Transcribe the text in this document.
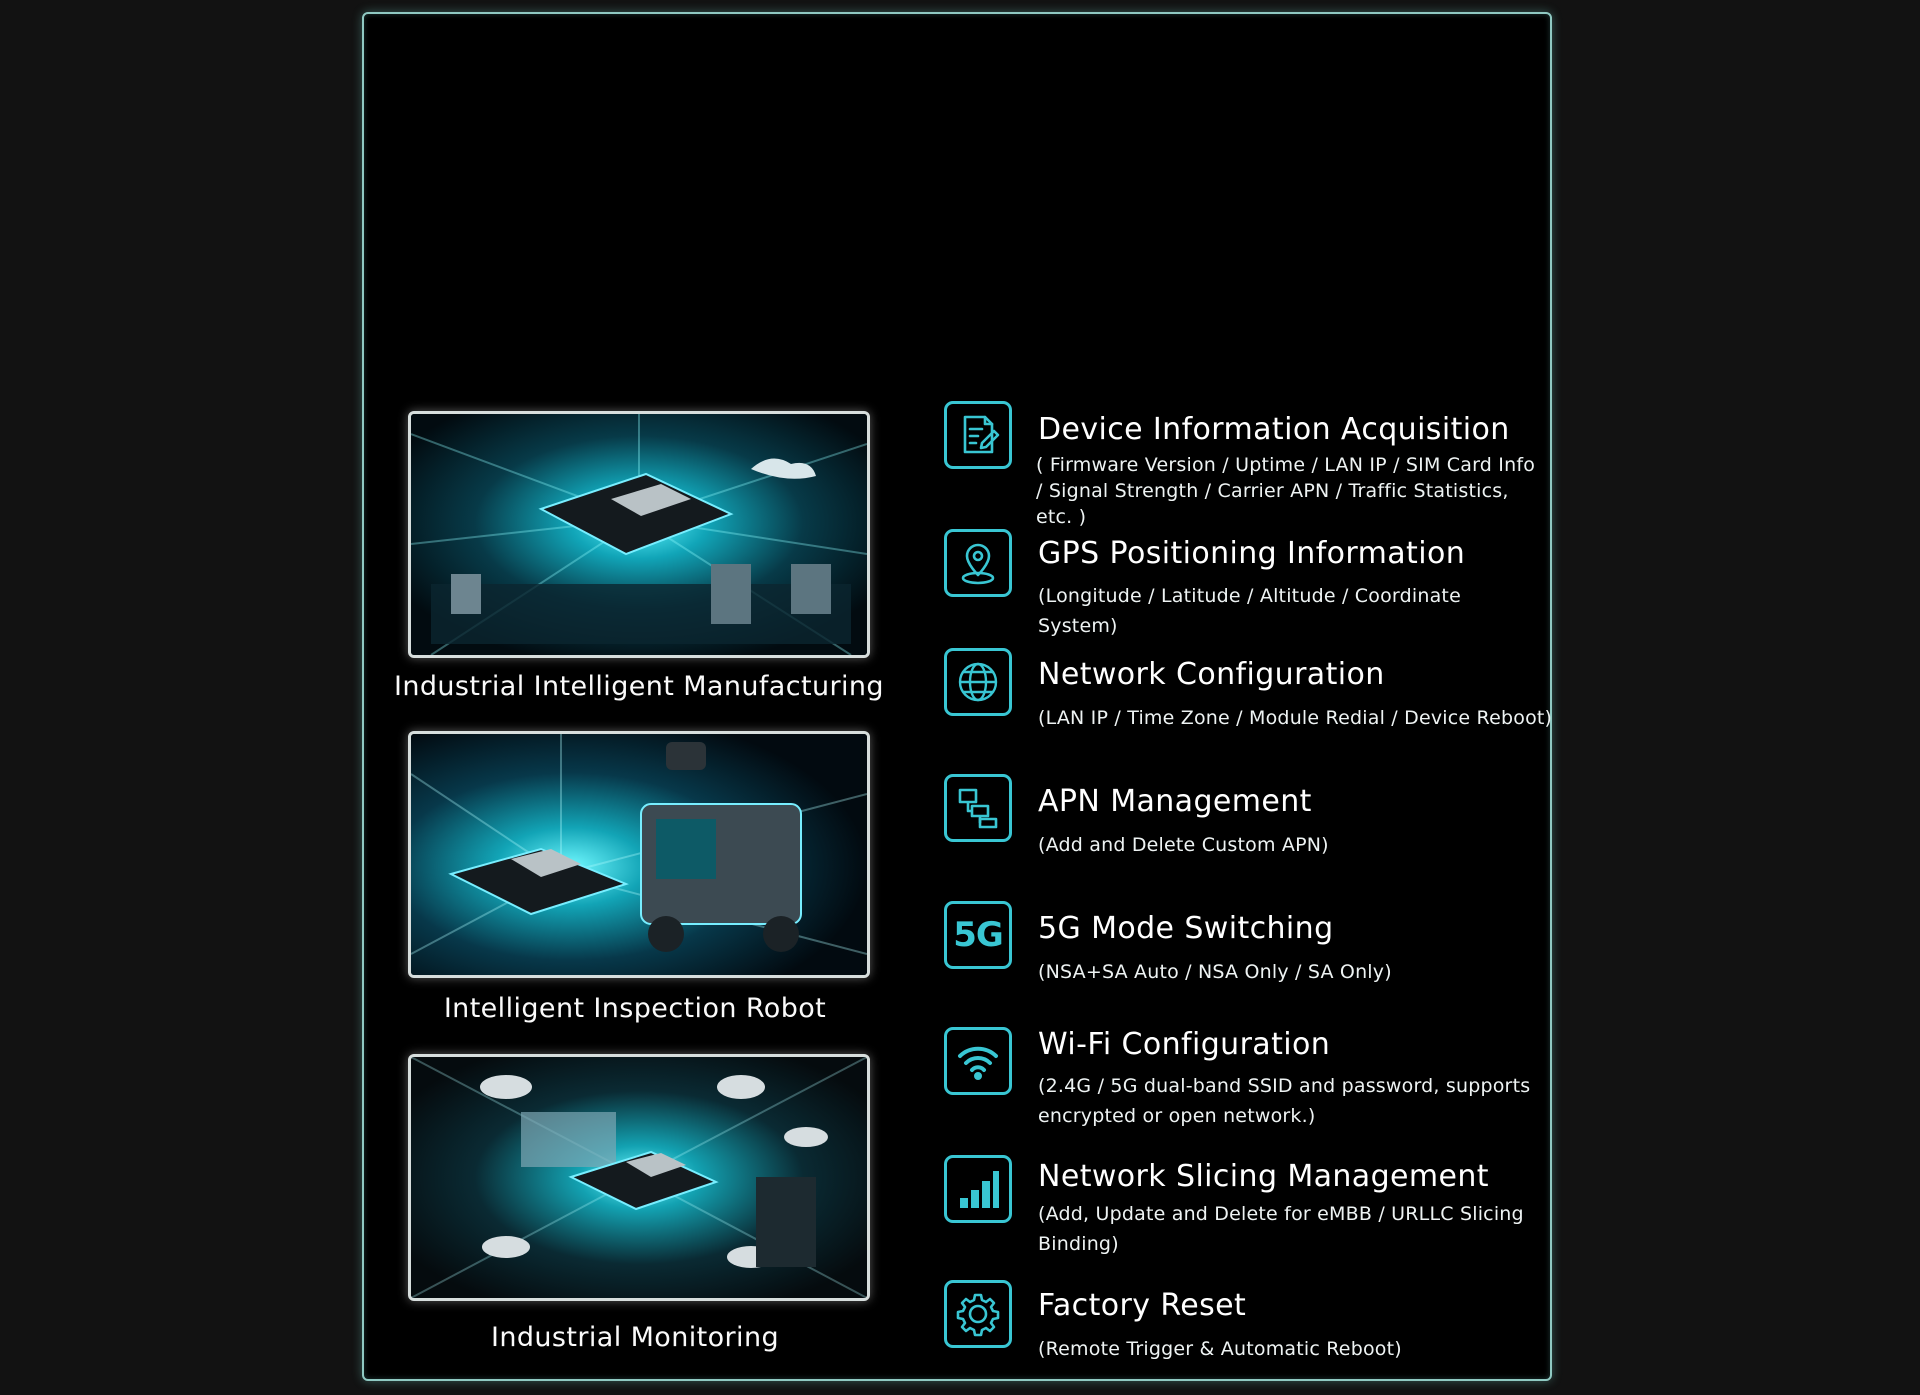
Industrial Intelligent Manufacturing
Intelligent Inspection Robot
Industrial Monitoring
Device Information Acquisition
( Firmware Version / Uptime / LAN IP / SIM Card Info / Signal Strength / Carrier APN / Traffic Statistics, etc. )
GPS Positioning Information
(Longitude / Latitude / Altitude / Coordinate System)
Network Configuration
(LAN IP / Time Zone / Module Redial / Device Reboot)
APN Management
(Add and Delete Custom APN)
5G 5G Mode Switching
(NSA+SA Auto / NSA Only / SA Only)
Wi-Fi Configuration
(2.4G / 5G dual-band SSID and password, supports encrypted or open network.)
Network Slicing Management
(Add, Update and Delete for eMBB / URLLC Slicing Binding)
Factory Reset
(Remote Trigger & Automatic Reboot)
